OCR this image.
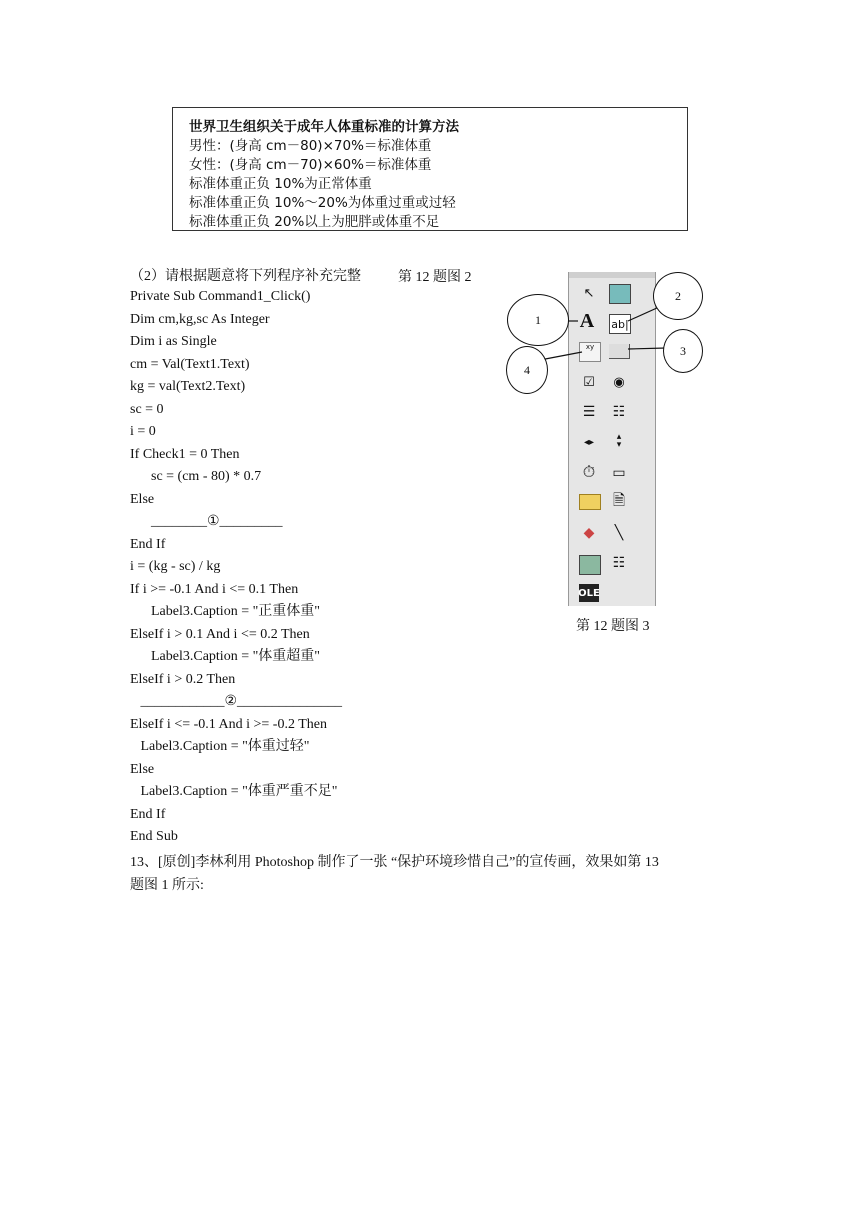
世界卫生组织关于成年人体重标准的计算方法
男性：(身高 cm－80)×70%＝标准体重
女性：(身高 cm－70)×60%＝标准体重
标准体重正负 10%为正常体重
标准体重正负 10%～20%为体重过重或过轻
标准体重正负 20%以上为肥胖或体重不足
（2）请根据题意将下列程序补充完整	第 12 题图 2
Private Sub Command1_Click()
Dim cm,kg,sc As Integer
Dim i as Single
cm = Val(Text1.Text)
kg = val(Text2.Text)
sc = 0
i = 0
If Check1 = 0 Then
sc = (cm - 80) * 0.7
Else
________①_________
End If
i = (kg - sc) / kg
If i >= -0.1 And i <= 0.1 Then
Label3.Caption = "正重体重"
ElseIf i > 0.1 And i <= 0.2 Then
Label3.Caption = "体重超重"
ElseIf i > 0.2 Then
____________②_______________
ElseIf i <= -0.1 And i >= -0.2 Then
Label3.Caption = "体重过轻"
Else
Label3.Caption = "体重严重不足"
End If
End Sub
↖
A ab|
xy
☑	◉
☰ ☷
◂▸	▴
▾
⏱ ▭
🗎
◆	╲
☷
OLE
1
2
3
4
第 12 题图 3
13、[原创]李林利用 Photoshop 制作了一张 “保护环境珍惜自己”的宣传画，效果如第 13
题图 1 所示:
